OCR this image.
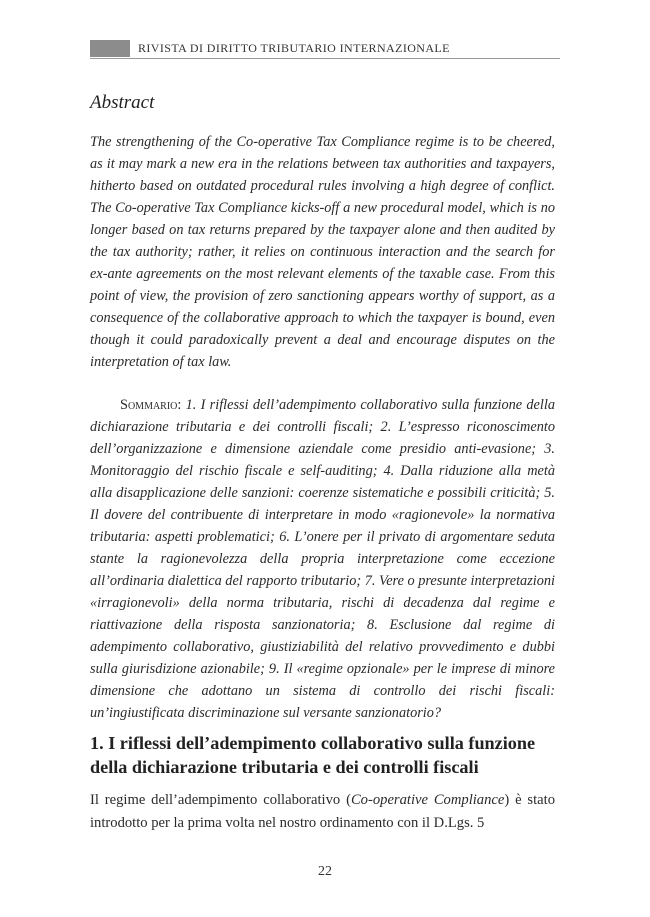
RIVISTA DI DIRITTO TRIBUTARIO INTERNAZIONALE
Abstract
The strengthening of the Co-operative Tax Compliance regime is to be cheered, as it may mark a new era in the relations between tax authorities and taxpayers, hitherto based on outdated procedural rules involving a high degree of conflict. The Co-operative Tax Compliance kicks-off a new procedural model, which is no longer based on tax returns prepared by the taxpayer alone and then audited by the tax authority; rather, it relies on continuous interaction and the search for ex-ante agreements on the most relevant elements of the taxable case. From this point of view, the provision of zero sanctioning appears worthy of support, as a consequence of the collaborative approach to which the taxpayer is bound, even though it could paradoxically prevent a deal and encourage disputes on the interpretation of tax law.
Sommario: 1. I riflessi dell’adempimento collaborativo sulla funzione della dichiarazione tributaria e dei controlli fiscali; 2. L’espresso riconoscimento dell’organizzazione e dimensione aziendale come presidio anti-evasione; 3. Monitoraggio del rischio fiscale e self-auditing; 4. Dalla riduzione alla metà alla disapplicazione delle sanzioni: coerenze sistematiche e possibili criticità; 5. Il dovere del contribuente di interpretare in modo «ragionevole» la normativa tributaria: aspetti problematici; 6. L’onere per il privato di argomentare seduta stante la ragionevolezza della propria interpretazione come eccezione all’ordinaria dialettica del rapporto tributario; 7. Vere o presunte interpretazioni «irragionevoli» della norma tributaria, rischi di decadenza dal regime e riattivazione della risposta sanzionatoria; 8. Esclusione dal regime di adempimento collaborativo, giustiziabilità del relativo provvedimento e dubbi sulla giurisdizione azionabile; 9. Il «regime opzionale» per le imprese di minore dimensione che adottano un sistema di controllo dei rischi fiscali: un’ingiustificata discriminazione sul versante sanzionatorio?
1. I riflessi dell’adempimento collaborativo sulla funzione della dichiarazione tributaria e dei controlli fiscali
Il regime dell’adempimento collaborativo (Co-operative Compliance) è stato introdotto per la prima volta nel nostro ordinamento con il D.Lgs. 5
22
